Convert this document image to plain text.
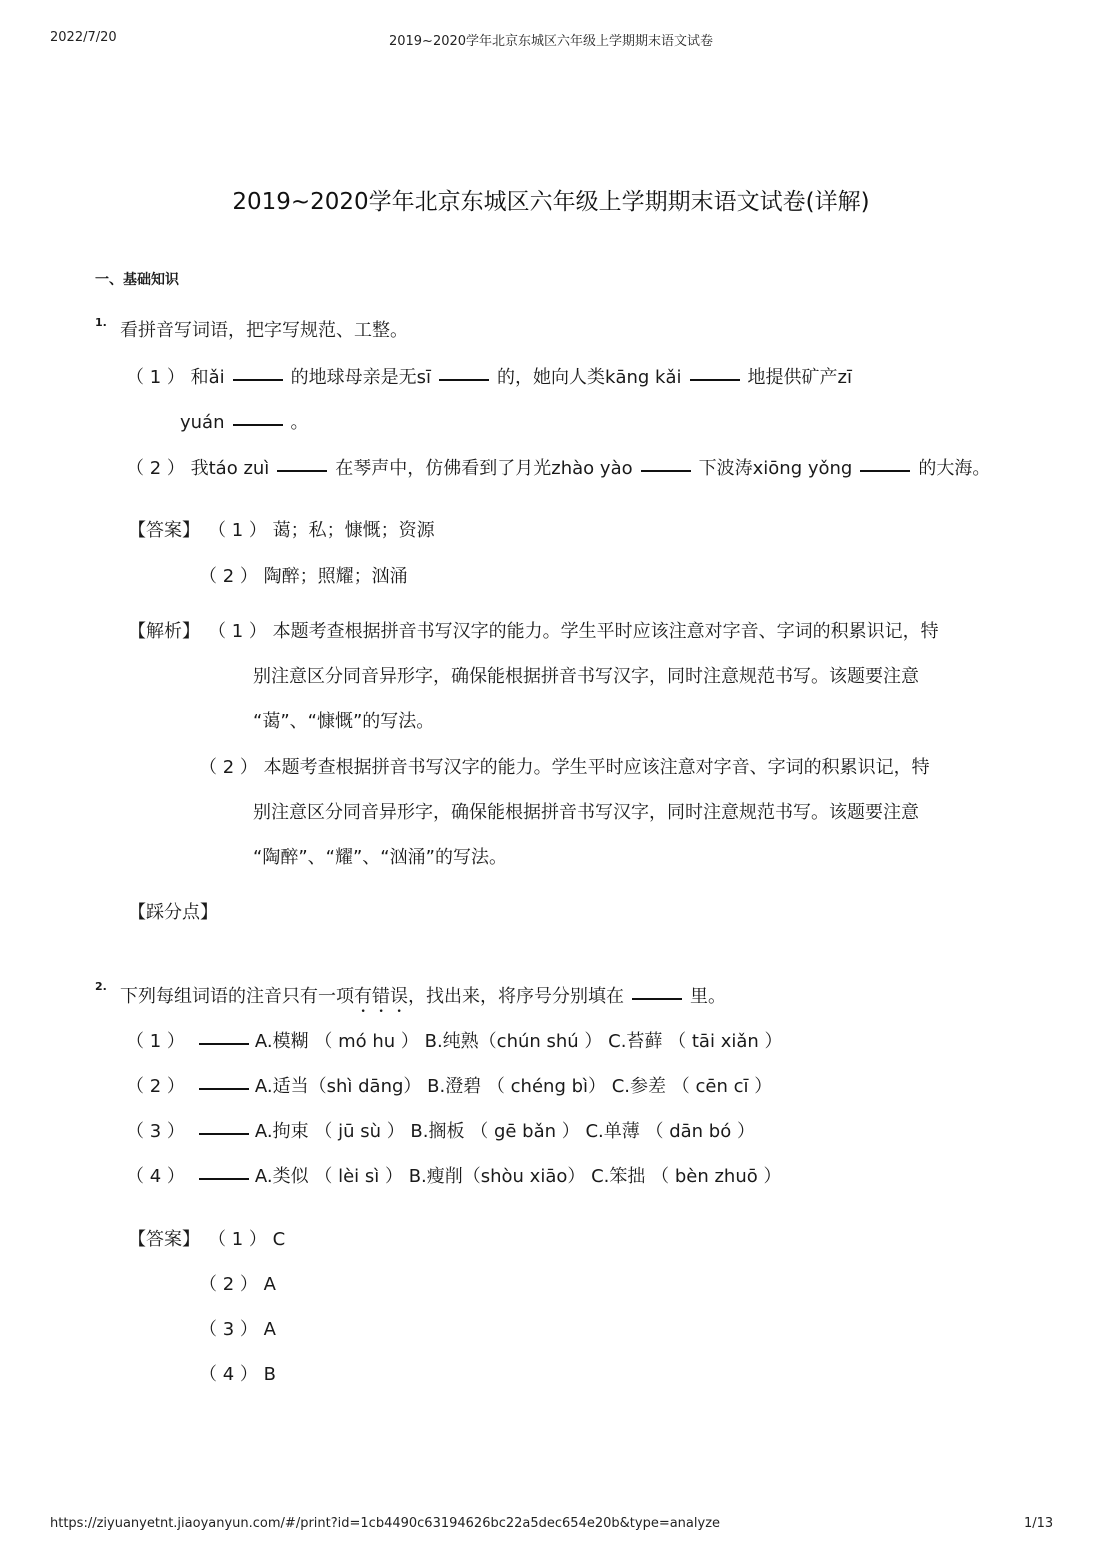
2022/7/20	2019~2020学年北京东城区六年级上学期期末语文试卷
2019~2020学年北京东城区六年级上学期期末语文试卷(详解)
一、基础知识
1. 看拼音写词语，把字写规范、工整。
（ 1 ） 和ǎi	的地球母亲是无sī	的，她向人类kāng kǎi	地提供矿产zī
yuán	。
（ 2 ） 我táo zuì	在琴声中，仿佛看到了月光zhào yào	下波涛xiōng yǒng	的大海。
【答案】 （ 1 ） 蔼；私；慷慨；资源
（ 2 ） 陶醉；照耀；汹涌
【解析】 （ 1 ） 本题考查根据拼音书写汉字的能力。学生平时应该注意对字音、字词的积累识记，特
别注意区分同音异形字，确保能根据拼音书写汉字，同时注意规范书写。该题要注意
“蔼”、“慷慨”的写法。
（ 2 ） 本题考查根据拼音书写汉字的能力。学生平时应该注意对字音、字词的积累识记，特
别注意区分同音异形字，确保能根据拼音书写汉字，同时注意规范书写。该题要注意
“陶醉”、“耀”、“汹涌”的写法。
【踩分点】
2. 下列每组词语的注音只有一项有错误，找出来，将序号分别填在	里。
（ 1 ）	A.模糊 （ mó hu ） B.纯熟（chún shú ） C.苔藓 （ tāi xiǎn ）
（ 2 ）	A.适当（shì dāng） B.澄碧 （ chéng bì） C.参差 （ cēn cī ）
（ 3 ）	A.拘束 （ jū sù ） B.搁板 （ gē bǎn ） C.单薄 （ dān bó ）
（ 4 ）	A.类似 （ lèi sì ） B.瘦削（shòu xiāo） C.笨拙 （ bèn zhuō ）
【答案】 （ 1 ） C
（ 2 ） A
（ 3 ） A
（ 4 ） B
https://ziyuanyetnt.jiaoyanyun.com/#/print?id=1cb4490c63194626bc22a5dec654e20b&type=analyze	1/13
